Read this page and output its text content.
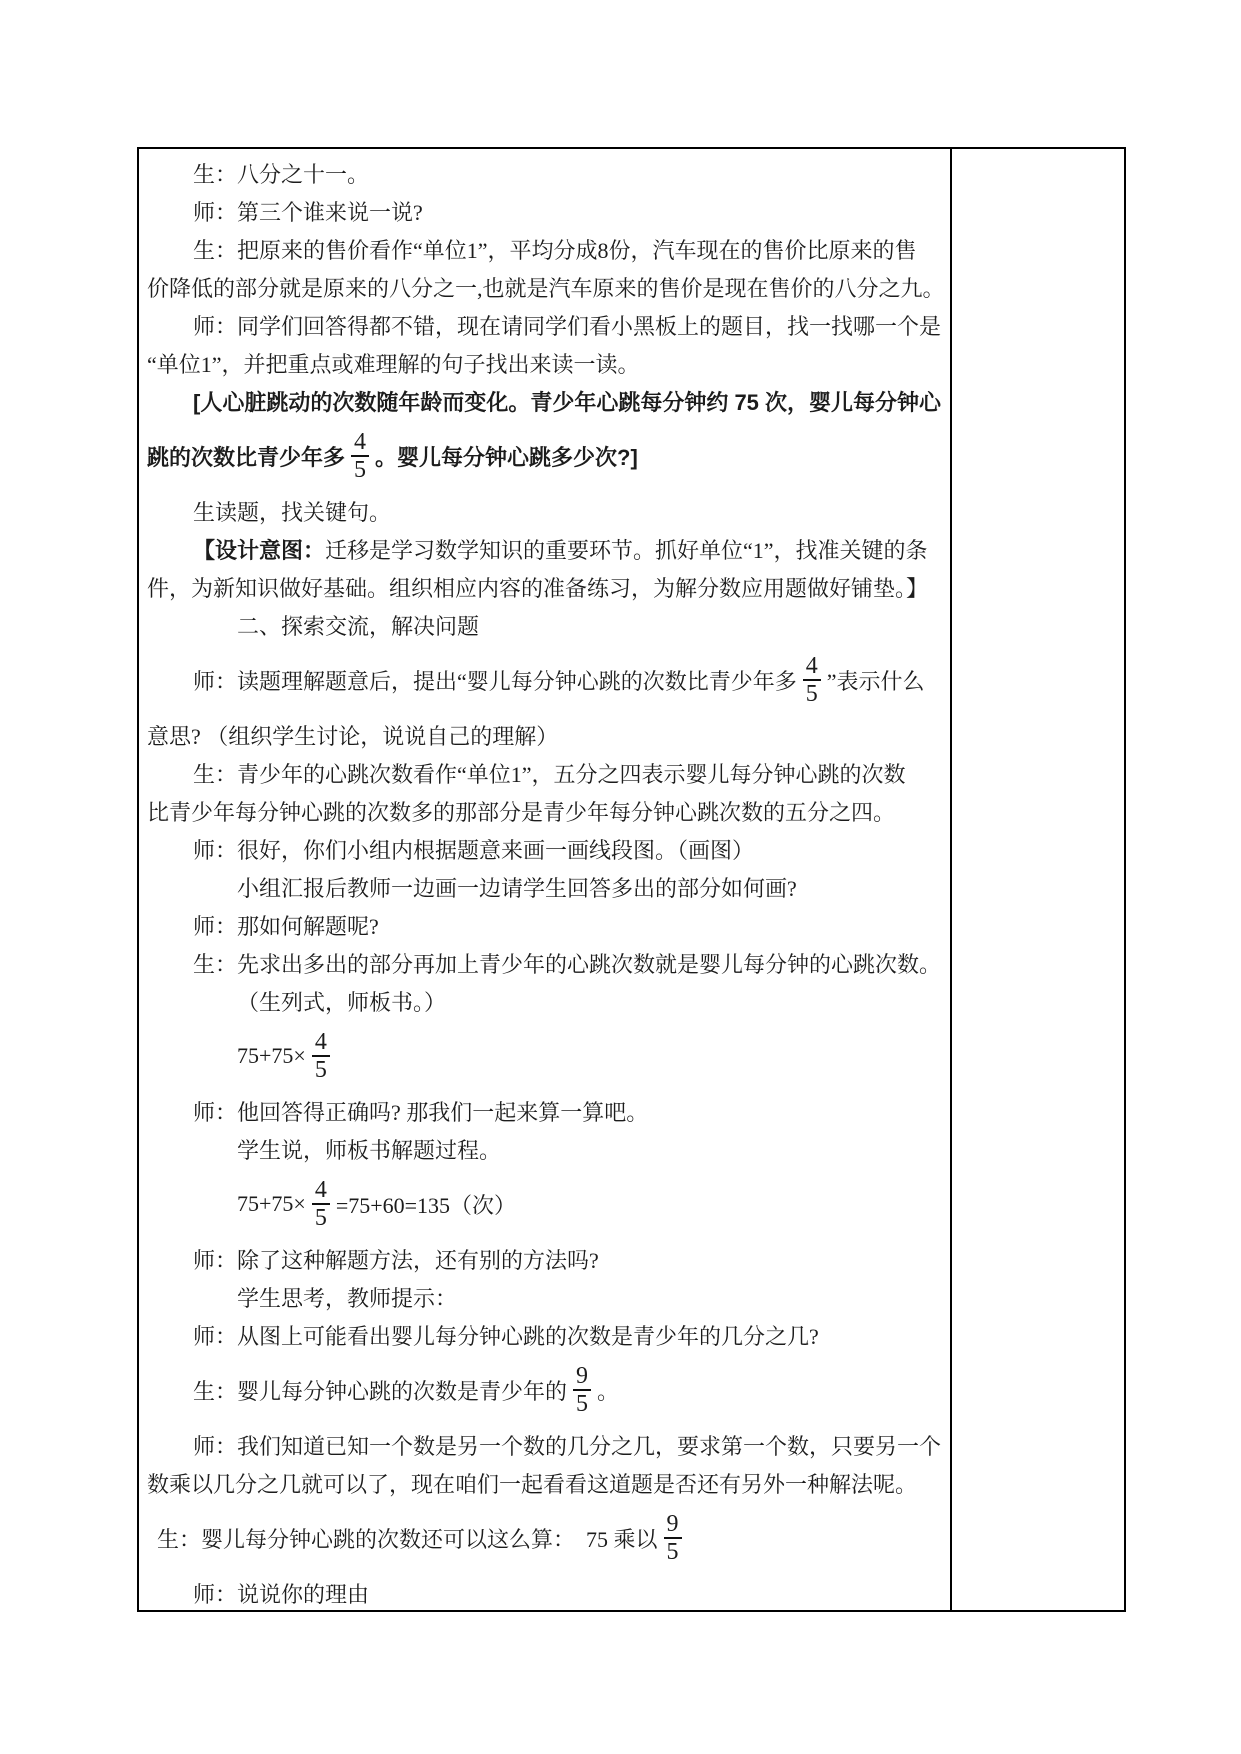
生：八分之十一。
师：第三个谁来说一说?
生：把原来的售价看作“单位1”，平均分成8份，汽车现在的售价比原来的售
价降低的部分就是原来的八分之一,也就是汽车原来的售价是现在售价的八分之九。
师：同学们回答得都不错，现在请同学们看小黑板上的题目，找一找哪一个是
“单位1”，并把重点或难理解的句子找出来读一读。
[人心脏跳动的次数随年龄而变化。青少年心跳每分钟约 75 次，婴儿每分钟心
跳的次数比青少年多 $\frac{4}{5}$ 。婴儿每分钟心跳多少次?]
生读题，找关键句。
【设计意图： 迁移是学习数学知识的重要环节。抓好单位“1”，找准关键的条
件，为新知识做好基础。组织相应内容的准备练习，为解分数应用题做好铺垫。】
二、探索交流，解决问题
师：读题理解题意后，提出“婴儿每分钟心跳的次数比青少年多 $\frac{4}{5}$ ”表示什么
意思? （组织学生讨论，说说自己的理解）
生：青少年的心跳次数看作“单位1”，五分之四表示婴儿每分钟心跳的次数
比青少年每分钟心跳的次数多的那部分是青少年每分钟心跳次数的五分之四。
师：很好，你们小组内根据题意来画一画线段图。（画图）
小组汇报后教师一边画一边请学生回答多出的部分如何画?
师：那如何解题呢?
生：先求出多出的部分再加上青少年的心跳次数就是婴儿每分钟的心跳次数。
（生列式，师板书。）
$75+75\times \frac{4}{5}$
师：他回答得正确吗? 那我们一起来算一算吧。
学生说，师板书解题过程。
$75+75\times \frac{4}{5} =75+60=135$（次）
师：除了这种解题方法，还有别的方法吗?
学生思考，教师提示：
师：从图上可能看出婴儿每分钟心跳的次数是青少年的几分之几?
生：婴儿每分钟心跳的次数是青少年的 $\frac{9}{5}$ 。
师：我们知道已知一个数是另一个数的几分之几，要求第一个数，只要另一个
数乘以几分之几就可以了，现在咱们一起看看这道题是否还有另外一种解法呢。
生：婴儿每分钟心跳的次数还可以这么算：  75 乘以 $\frac{9}{5}$
师：说说你的理由
